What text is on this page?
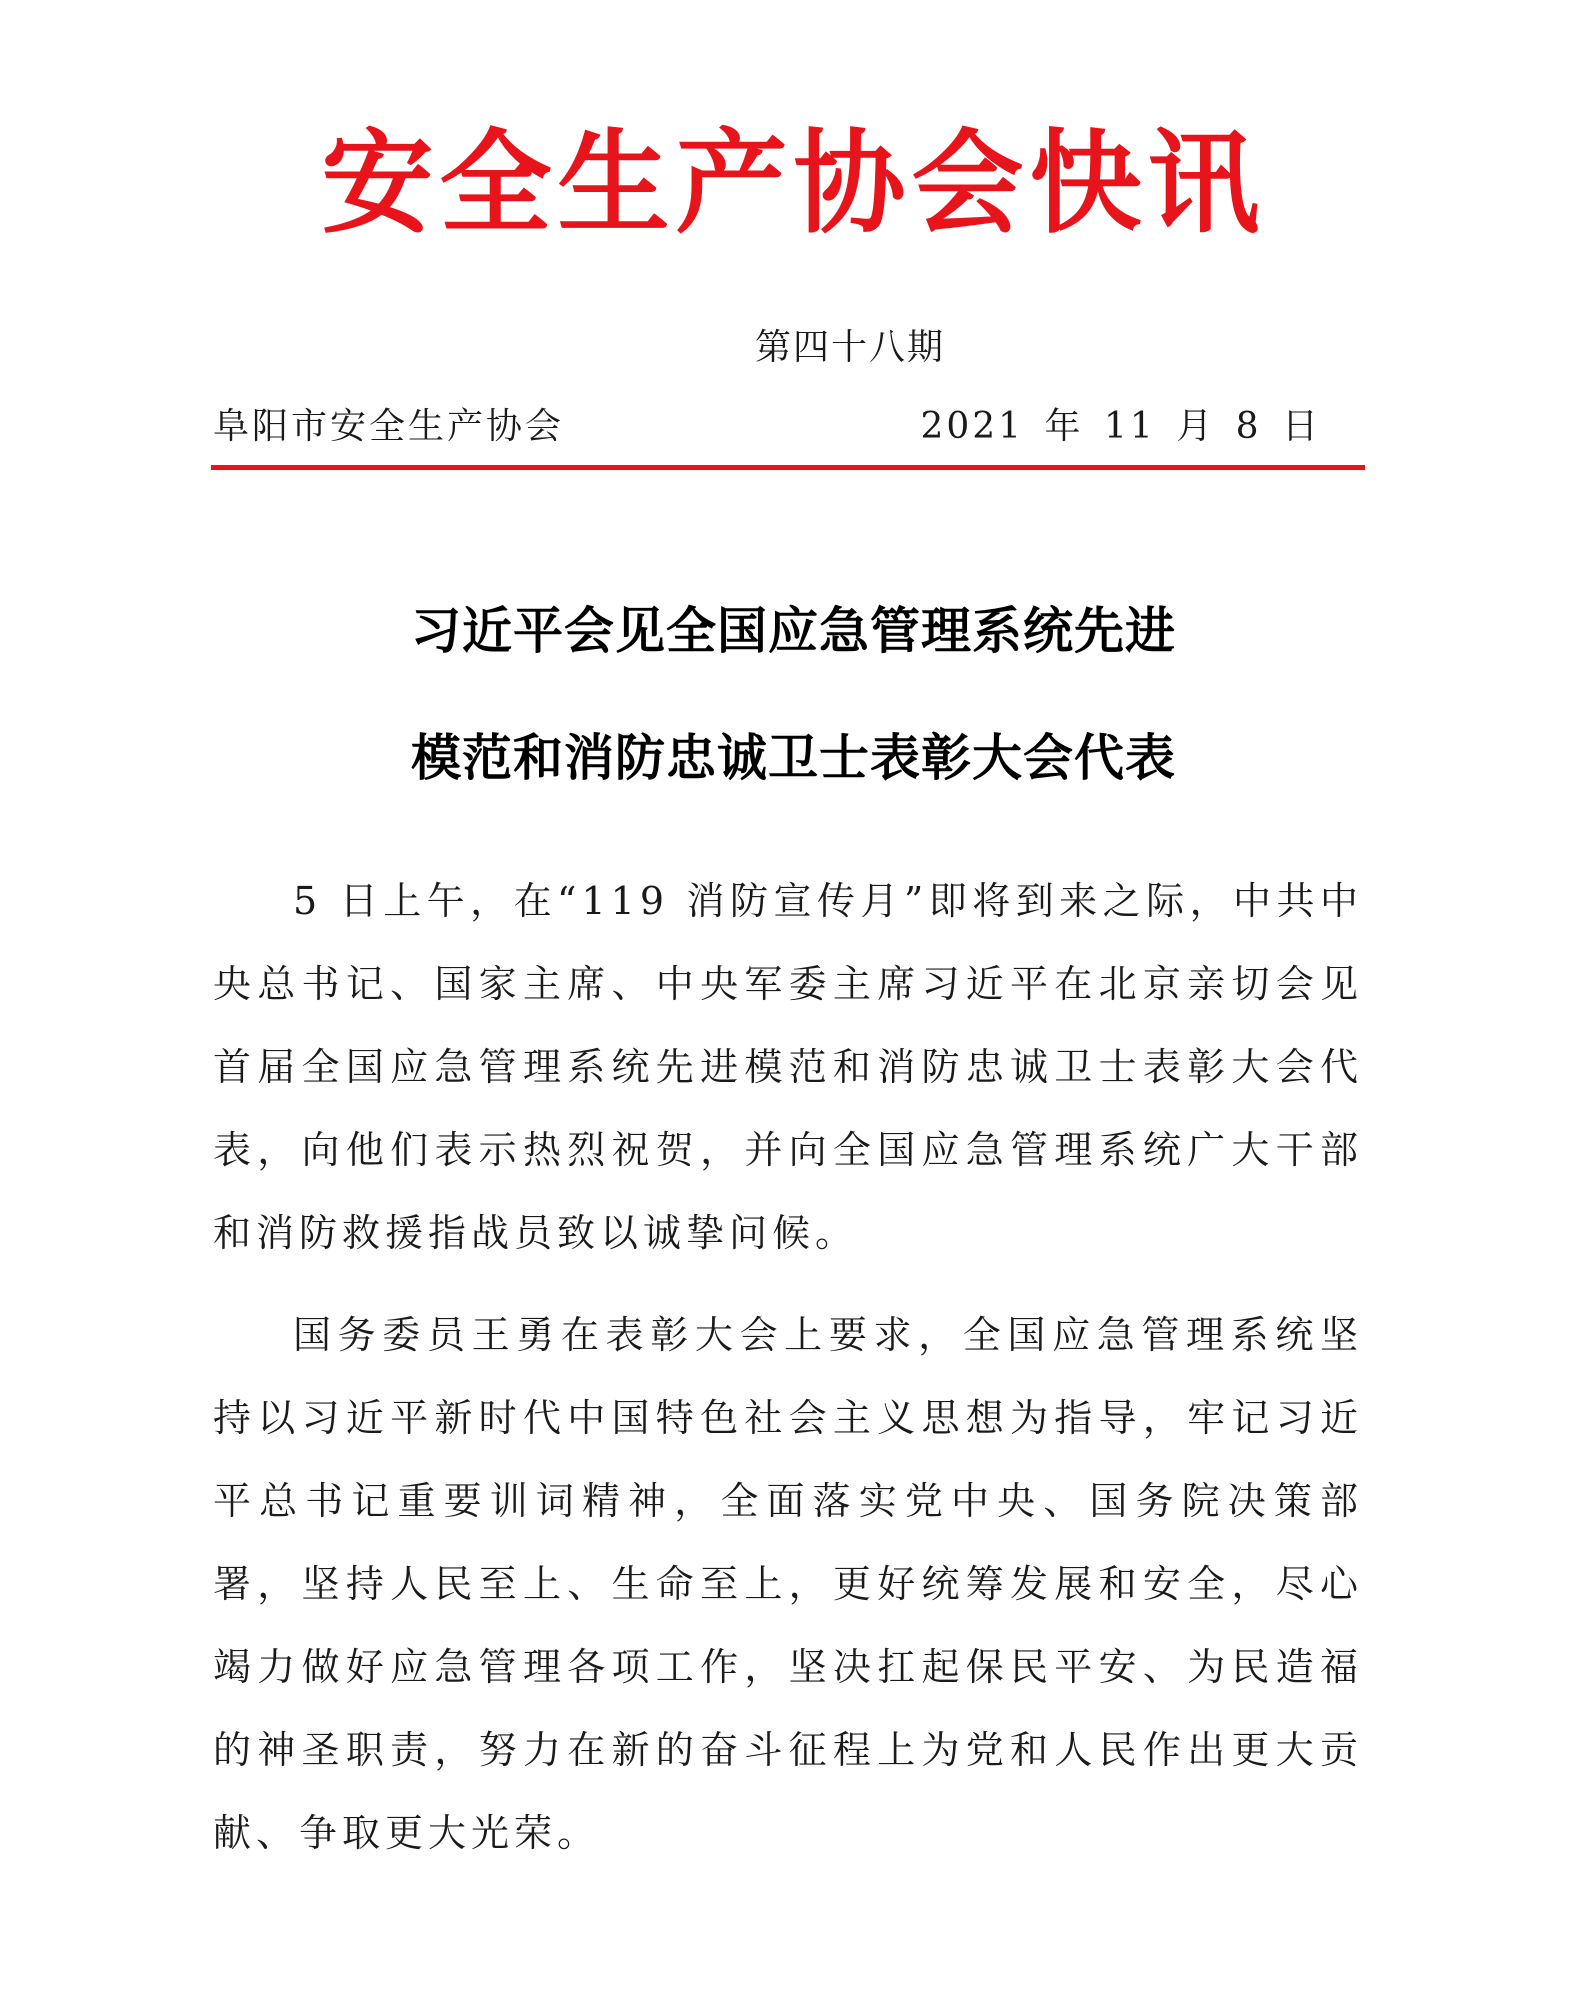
安全生产协会快讯
第四十八期
阜阳市安全生产协会	2021 年 11 月 8 日
习近平会见全国应急管理系统先进
模范和消防忠诚卫士表彰大会代表

5 日上午，在“119 消防宣传月”即将到来之际，中共中央总书记、国家主席、中央军委主席习近平在北京亲切会见首届全国应急管理系统先进模范和消防忠诚卫士表彰大会代表，向他们表示热烈祝贺，并向全国应急管理系统广大干部和消防救援指战员致以诚挚问候。

国务委员王勇在表彰大会上要求，全国应急管理系统坚持以习近平新时代中国特色社会主义思想为指导，牢记习近平总书记重要训词精神，全面落实党中央、国务院决策部署，坚持人民至上、生命至上，更好统筹发展和安全，尽心竭力做好应急管理各项工作，坚决扛起保民平安、为民造福的神圣职责，努力在新的奋斗征程上为党和人民作出更大贡献、争取更大光荣。
